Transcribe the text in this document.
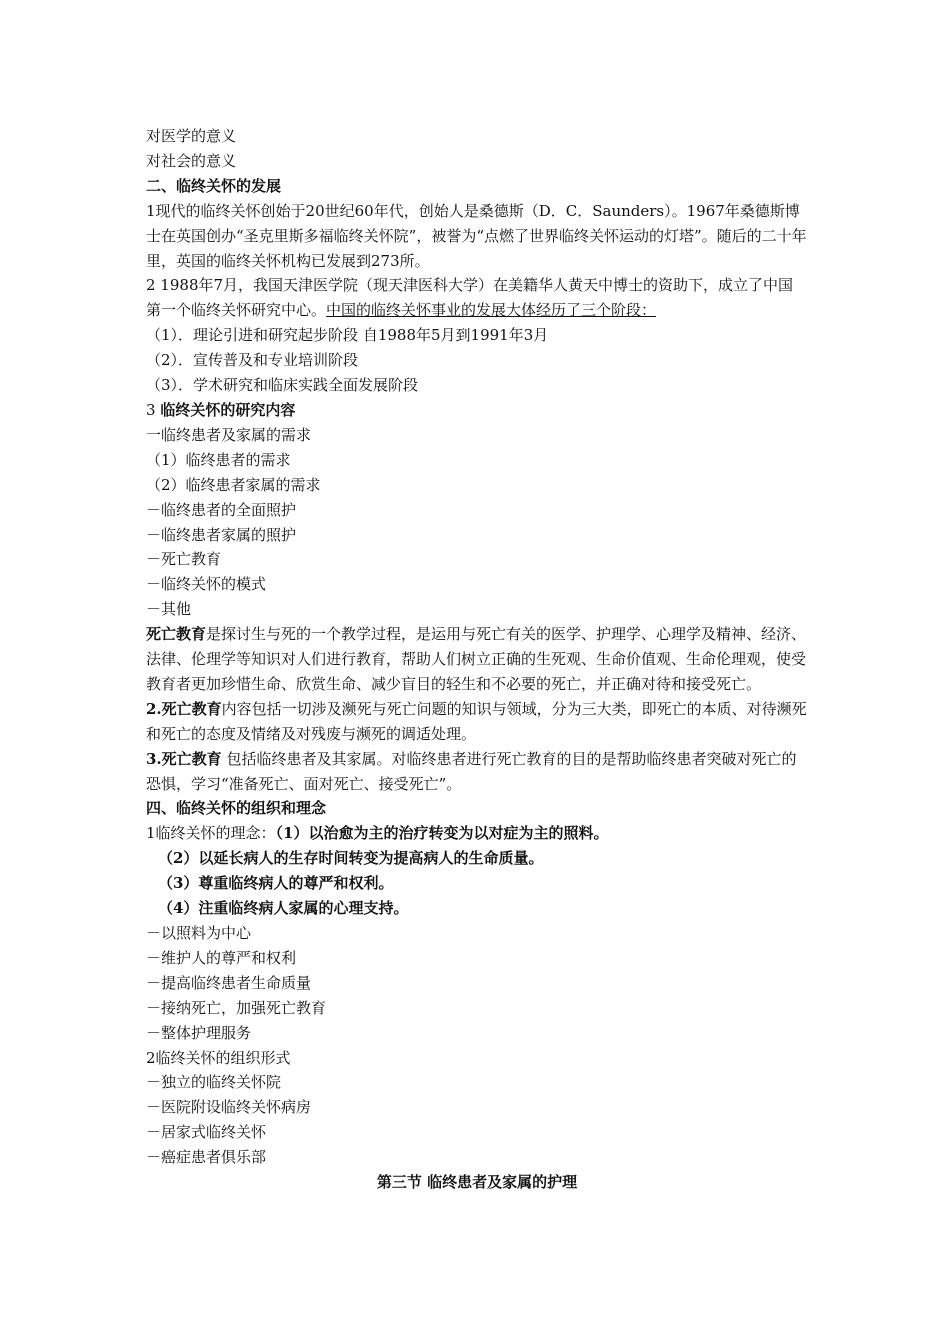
对医学的意义
对社会的意义
二、临终关怀的发展
1现代的临终关怀创始于20世纪60年代，创始人是桑德斯（D．C．Saunders）。1967年桑德斯博士在英国创办“圣克里斯多福临终关怀院”，被誉为“点燃了世界临终关怀运动的灯塔”。随后的二十年里，英国的临终关怀机构已发展到273所。
2 1988年7月，我国天津医学院（现天津医科大学）在美籍华人黄天中博士的资助下，成立了中国第一个临终关怀研究中心。中国的临终关怀事业的发展大体经历了三个阶段：
（1）．理论引进和研究起步阶段 自1988年5月到1991年3月
（2）．宣传普及和专业培训阶段
（3）．学术研究和临床实践全面发展阶段
3 临终关怀的研究内容
一临终患者及家属的需求
（1）临终患者的需求
（2）临终患者家属的需求
－临终患者的全面照护
－临终患者家属的照护
－死亡教育
－临终关怀的模式
－其他
死亡教育是探讨生与死的一个教学过程，是运用与死亡有关的医学、护理学、心理学及精神、经济、法律、伦理学等知识对人们进行教育，帮助人们树立正确的生死观、生命价值观、生命伦理观，使受教育者更加珍惜生命、欣赏生命、减少盲目的轻生和不必要的死亡，并正确对待和接受死亡。
2.死亡教育内容包括一切涉及濒死与死亡问题的知识与领域，分为三大类，即死亡的本质、对待濒死和死亡的态度及情绪及对残废与濒死的调适处理。
3.死亡教育 包括临终患者及其家属。对临终患者进行死亡教育的目的是帮助临终患者突破对死亡的恐惧，学习“准备死亡、面对死亡、接受死亡”。
四、临终关怀的组织和理念
1临终关怀的理念：（1）以治愈为主的治疗转变为以对症为主的照料。
（2）以延长病人的生存时间转变为提高病人的生命质量。
（3）尊重临终病人的尊严和权利。
（4）注重临终病人家属的心理支持。
－以照料为中心
－维护人的尊严和权利
－提高临终患者生命质量
－接纳死亡，加强死亡教育
－整体护理服务
2临终关怀的组织形式
－独立的临终关怀院
－医院附设临终关怀病房
－居家式临终关怀
－癌症患者俱乐部
第三节 临终患者及家属的护理
